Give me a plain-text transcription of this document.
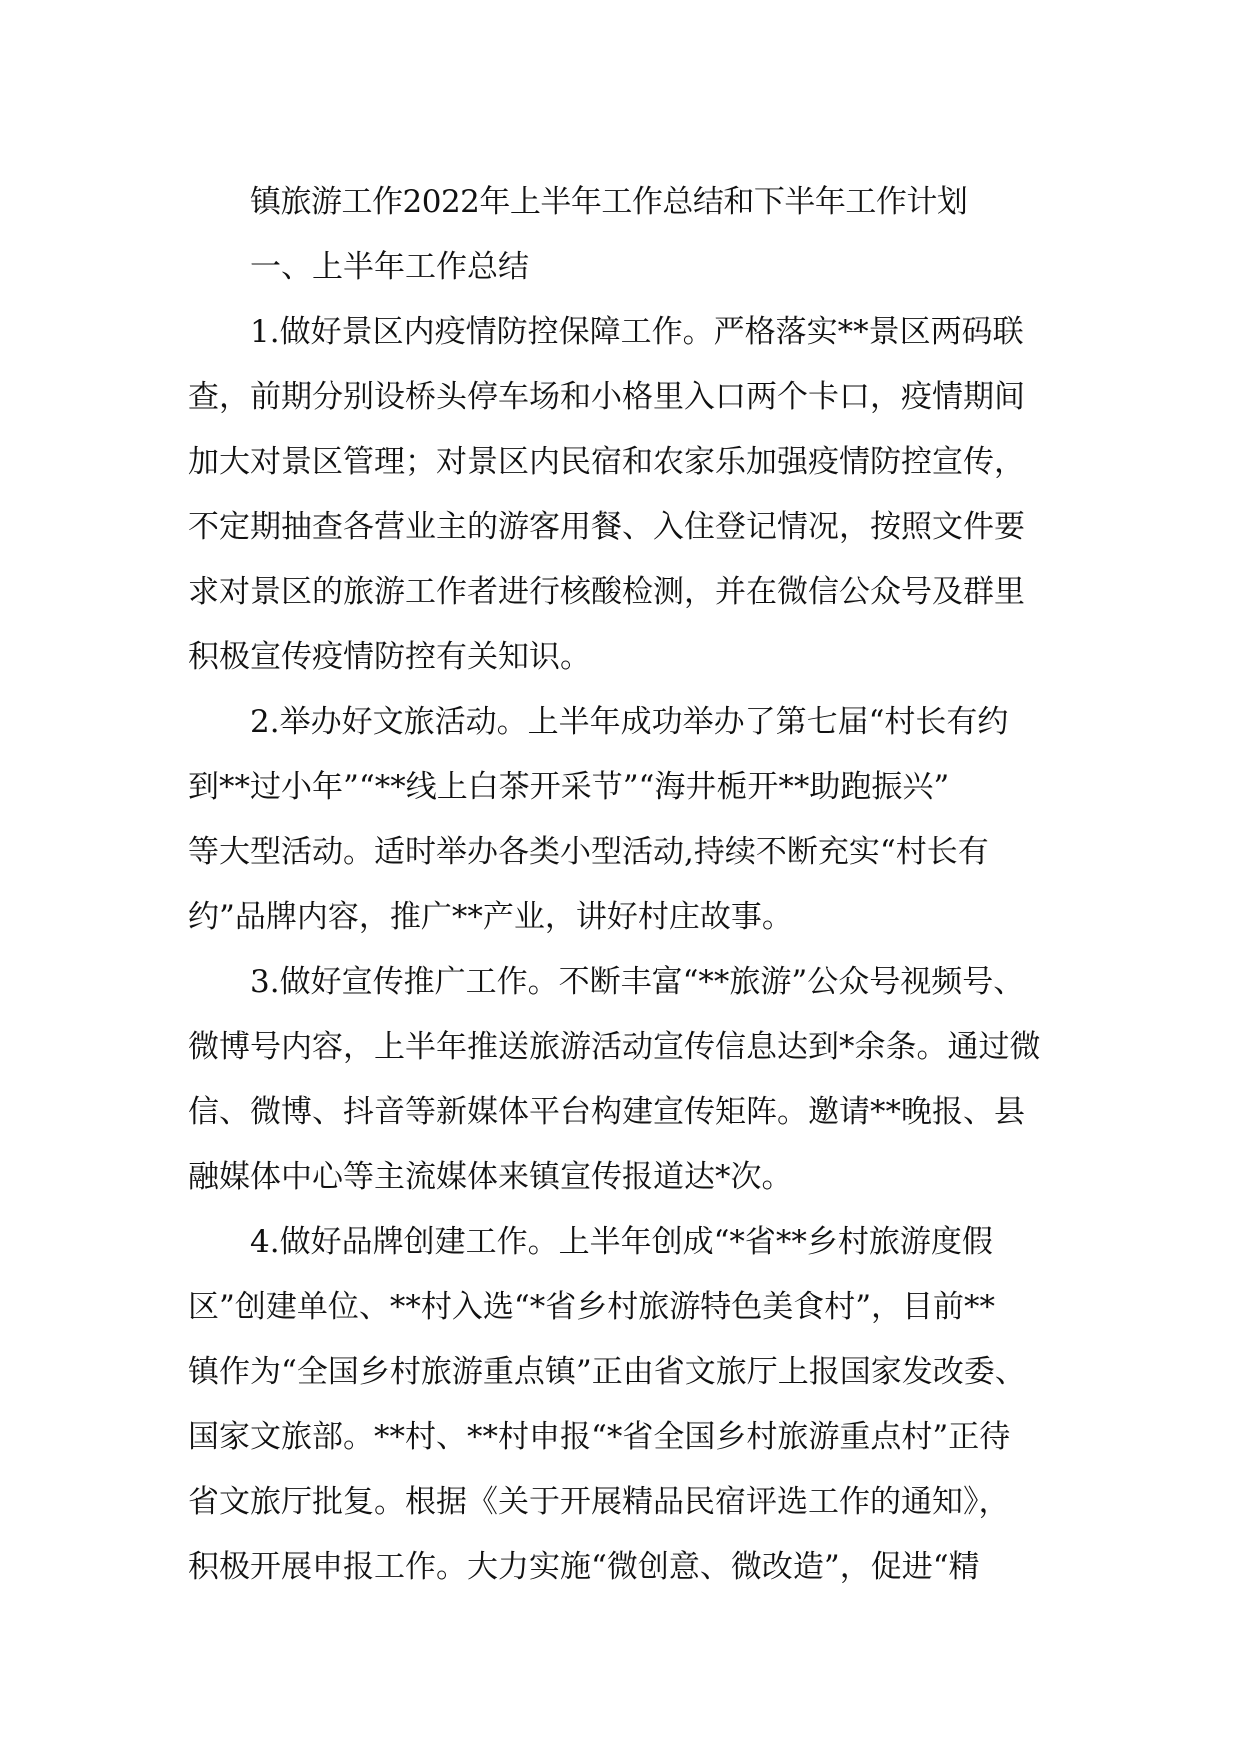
镇旅游工作2022年上半年工作总结和下半年工作计划
一、上半年工作总结
1.做好景区内疫情防控保障工作。严格落实**景区两码联
查，前期分别设桥头停车场和小格里入口两个卡口，疫情期间
加大对景区管理；对景区内民宿和农家乐加强疫情防控宣传，
不定期抽查各营业主的游客用餐、入住登记情况，按照文件要
求对景区的旅游工作者进行核酸检测，并在微信公众号及群里
积极宣传疫情防控有关知识。
2.举办好文旅活动。上半年成功举办了第七届“村长有约
到**过小年”“**线上白茶开采节”“海井栀开**助跑振兴”
等大型活动。适时举办各类小型活动,持续不断充实“村长有
约”品牌内容，推广**产业，讲好村庄故事。
3.做好宣传推广工作。不断丰富“**旅游”公众号视频号、
微博号内容，上半年推送旅游活动宣传信息达到*余条。通过微
信、微博、抖音等新媒体平台构建宣传矩阵。邀请**晚报、县
融媒体中心等主流媒体来镇宣传报道达*次。
4.做好品牌创建工作。上半年创成“*省**乡村旅游度假
区”创建单位、**村入选“*省乡村旅游特色美食村”，目前**
镇作为“全国乡村旅游重点镇”正由省文旅厅上报国家发改委、
国家文旅部。**村、**村申报“*省全国乡村旅游重点村”正待
省文旅厅批复。根据《关于开展精品民宿评选工作的通知》，
积极开展申报工作。大力实施“微创意、微改造”，促进“精
